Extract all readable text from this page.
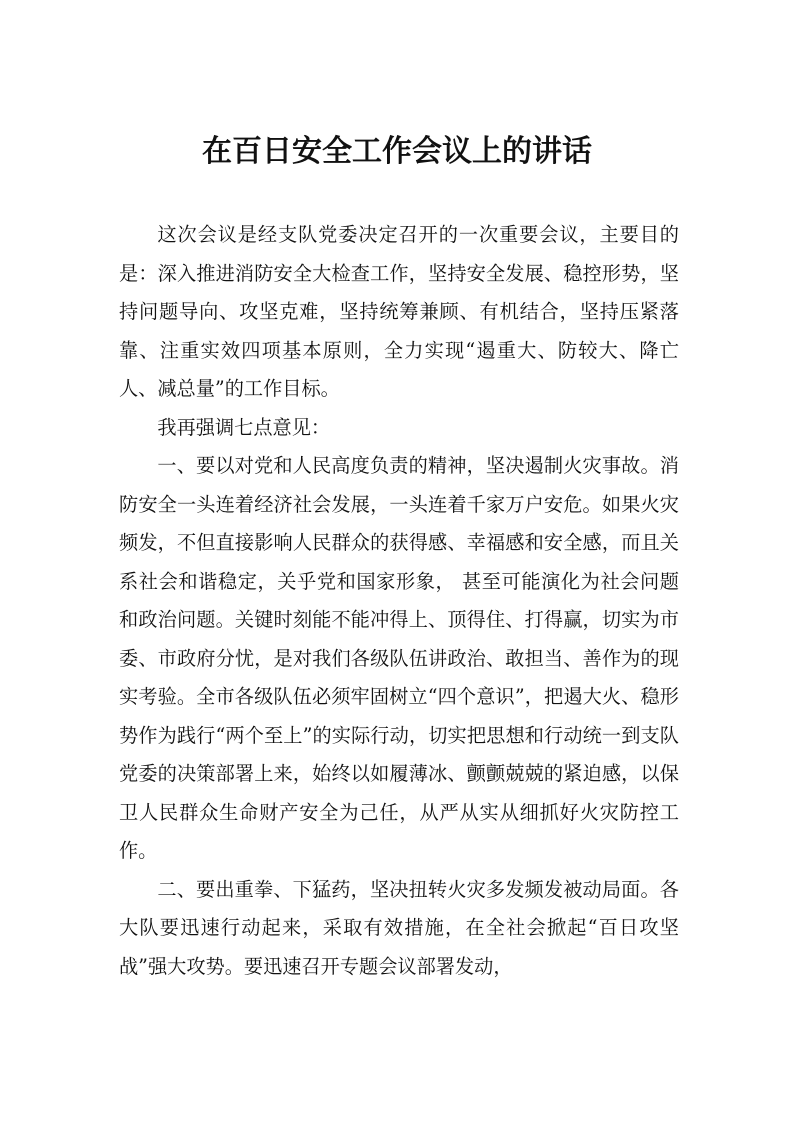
在百日安全工作会议上的讲话

这次会议是经支队党委决定召开的一次重要会议，主要目的是：深入推进消防安全大检查工作，坚持安全发展、稳控形势，坚持问题导向、攻坚克难，坚持统筹兼顾、有机结合，坚持压紧落靠、注重实效四项基本原则，全力实现“遏重大、防较大、降亡人、减总量”的工作目标。

我再强调七点意见：

一、要以对党和人民高度负责的精神，坚决遏制火灾事故。消防安全一头连着经济社会发展，一头连着千家万户安危。如果火灾频发，不但直接影响人民群众的获得感、幸福感和安全感，而且关系社会和谐稳定，关乎党和国家形象， 甚至可能演化为社会问题和政治问题。关键时刻能不能冲得上、顶得住、打得赢，切实为市委、市政府分忧，是对我们各级队伍讲政治、敢担当、善作为的现实考验。全市各级队伍必须牢固树立“四个意识”，把遏大火、稳形势作为践行“两个至上”的实际行动，切实把思想和行动统一到支队党委的决策部署上来，始终以如履薄冰、颤颤兢兢的紧迫感，以保卫人民群众生命财产安全为己任，从严从实从细抓好火灾防控工作。

二、要出重拳、下猛药，坚决扭转火灾多发频发被动局面。各大队要迅速行动起来，采取有效措施，在全社会掀起“百日攻坚战”强大攻势。要迅速召开专题会议部署发动，
